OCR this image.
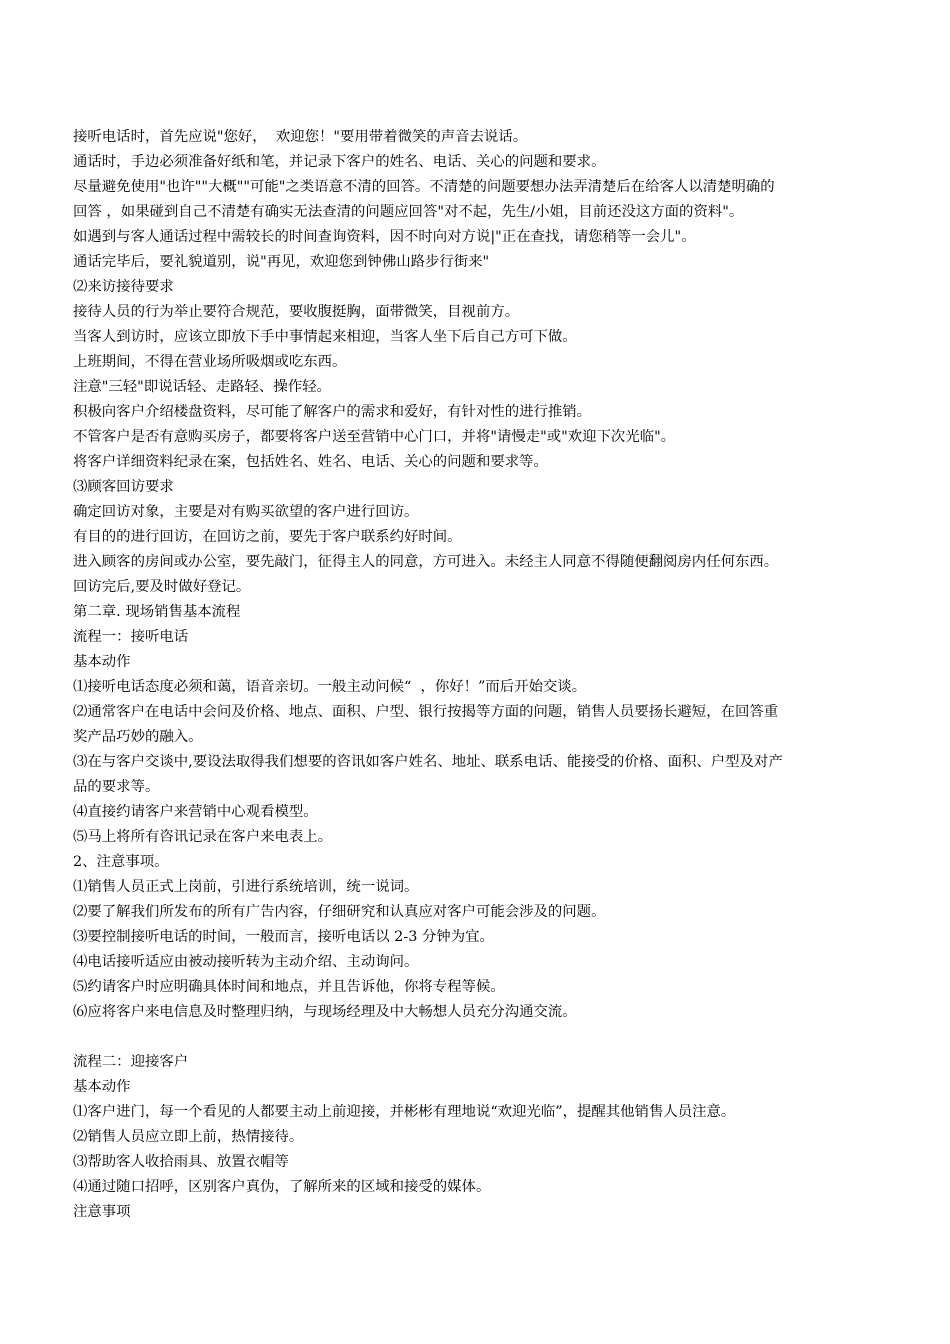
接听电话时，首先应说"您好，  欢迎您！"要用带着微笑的声音去说话。
通话时，手边必须准备好纸和笔，并记录下客户的姓名、电话、关心的问题和要求。
尽量避免使用"也许""大概""可能"之类语意不清的回答。不清楚的问题要想办法弄清楚后在给客人以清楚明确的
回答 ，如果碰到自己不清楚有确实无法查清的问题应回答"对不起，先生/小姐，目前还没这方面的资料"。
如遇到与客人通话过程中需较长的时间查询资料，因不时向对方说|"正在查找，请您稍等一会儿"。
通话完毕后，要礼貌道别，说"再见，欢迎您到钟佛山路步行街来"
⑵来访接待要求
接待人员的行为举止要符合规范，要收腹挺胸，面带微笑，目视前方。
当客人到访时，应该立即放下手中事情起来相迎，当客人坐下后自己方可下做。
上班期间，不得在营业场所吸烟或吃东西。
注意"三轻"即说话轻、走路轻、操作轻。
积极向客户介绍楼盘资料，尽可能了解客户的需求和爱好，有针对性的进行推销。
不管客户是否有意购买房子，都要将客户送至营销中心门口，并将"请慢走"或"欢迎下次光临"。
将客户详细资料纪录在案，包括姓名、姓名、电话、关心的问题和要求等。
⑶顾客回访要求
确定回访对象，主要是对有购买欲望的客户进行回访。
有目的的进行回访，在回访之前，要先于客户联系约好时间。
进入顾客的房间或办公室，要先敲门，征得主人的同意，方可进入。未经主人同意不得随便翻阅房内任何东西。
回访完后,要及时做好登记。
第二章. 现场销售基本流程
流程一：接听电话
基本动作
⑴接听电话态度必须和蔼，语音亲切。一般主动问候“  ，你好！”而后开始交谈。
⑵通常客户在电话中会问及价格、地点、面积、户型、银行按揭等方面的问题，销售人员要扬长避短，在回答重
奖产品巧妙的融入。
⑶在与客户交谈中,要设法取得我们想要的咨讯如客户姓名、地址、联系电话、能接受的价格、面积、户型及对产
品的要求等。
⑷直接约请客户来营销中心观看模型。
⑸马上将所有咨讯记录在客户来电表上。
2、注意事项。
⑴销售人员正式上岗前，引进行系统培训，统一说词。
⑵要了解我们所发布的所有广告内容，仔细研究和认真应对客户可能会涉及的问题。
⑶要控制接听电话的时间，一般而言，接听电话以 2-3 分钟为宜。
⑷电话接听适应由被动接听转为主动介绍、主动询问。
⑸约请客户时应明确具体时间和地点，并且告诉他，你将专程等候。
⑹应将客户来电信息及时整理归纳，与现场经理及中大畅想人员充分沟通交流。
流程二：迎接客户
基本动作
⑴客户进门，每一个看见的人都要主动上前迎接，并彬彬有理地说“欢迎光临”，提醒其他销售人员注意。
⑵销售人员应立即上前，热情接待。
⑶帮助客人收拾雨具、放置衣帽等
⑷通过随口招呼，区别客户真伪，了解所来的区域和接受的媒体。
注意事项
